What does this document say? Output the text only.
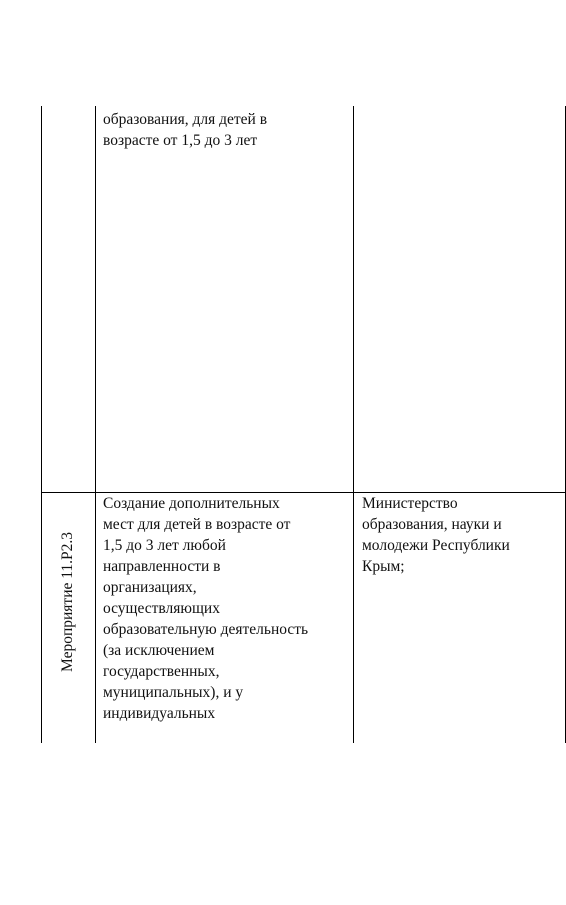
образования, для детей в
возрасте от 1,5 до 3 лет
Мероприятие 11.Р2.3
Создание дополнительных
мест для детей в возрасте от
1,5 до 3 лет любой
направленности в
организациях,
осуществляющих
образовательную деятельность
(за исключением
государственных,
муниципальных), и у
индивидуальных
Министерство
образования, науки и
молодежи Республики
Крым;
